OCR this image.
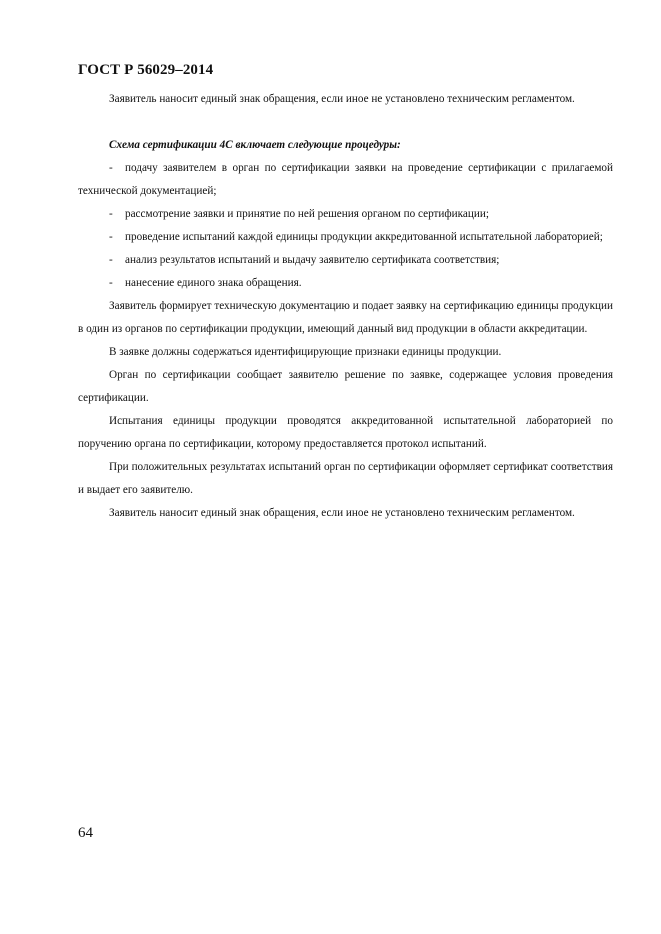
ГОСТ Р 56029–2014

Заявитель наносит единый знак обращения, если иное не установлено техническим регламентом.

Схема сертификации 4С включает следующие процедуры:

- подачу заявителем в орган по сертификации заявки на проведение сертификации с прилагаемой технической документацией;

- рассмотрение заявки и принятие по ней решения органом по сертификации;

- проведение испытаний каждой единицы продукции аккредитованной испытательной лабораторией;

- анализ результатов испытаний и выдачу заявителю сертификата соответствия;

- нанесение единого знака обращения.

Заявитель формирует техническую документацию и подает заявку на сертификацию единицы продукции в один из органов по сертификации продукции, имеющий данный вид продукции в области аккредитации.

В заявке должны содержаться идентифицирующие признаки единицы продукции.

Орган по сертификации сообщает заявителю решение по заявке, содержащее условия проведения сертификации.

Испытания единицы продукции проводятся аккредитованной испытательной лабораторией по поручению органа по сертификации, которому предоставляется протокол испытаний.

При положительных результатах испытаний орган по сертификации оформляет сертификат соответствия и выдает его заявителю.

Заявитель наносит единый знак обращения, если иное не установлено техническим регламентом.

64
